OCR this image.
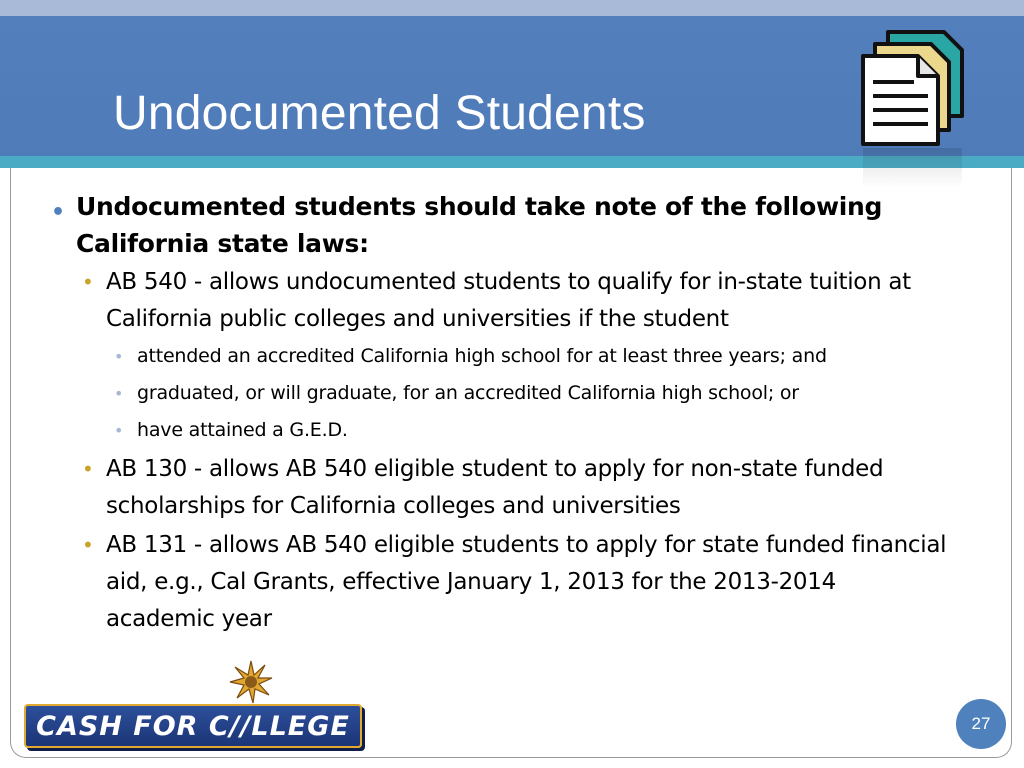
Undocumented Students
• Undocumented students should take note of the following California state laws:
• AB 540 - allows undocumented students to qualify for in-state tuition at California public colleges and universities if the student
• attended an accredited California high school for at least three years; and
• graduated, or will graduate, for an accredited California high school; or
• have attained a G.E.D.
• AB 130 - allows AB 540 eligible student to apply for non-state funded scholarships for California colleges and universities
• AB 131 - allows AB 540 eligible students to apply for state funded financial aid, e.g., Cal Grants, effective January 1, 2013 for the 2013-2014 academic year
CASH FOR C//LLEGE	27
